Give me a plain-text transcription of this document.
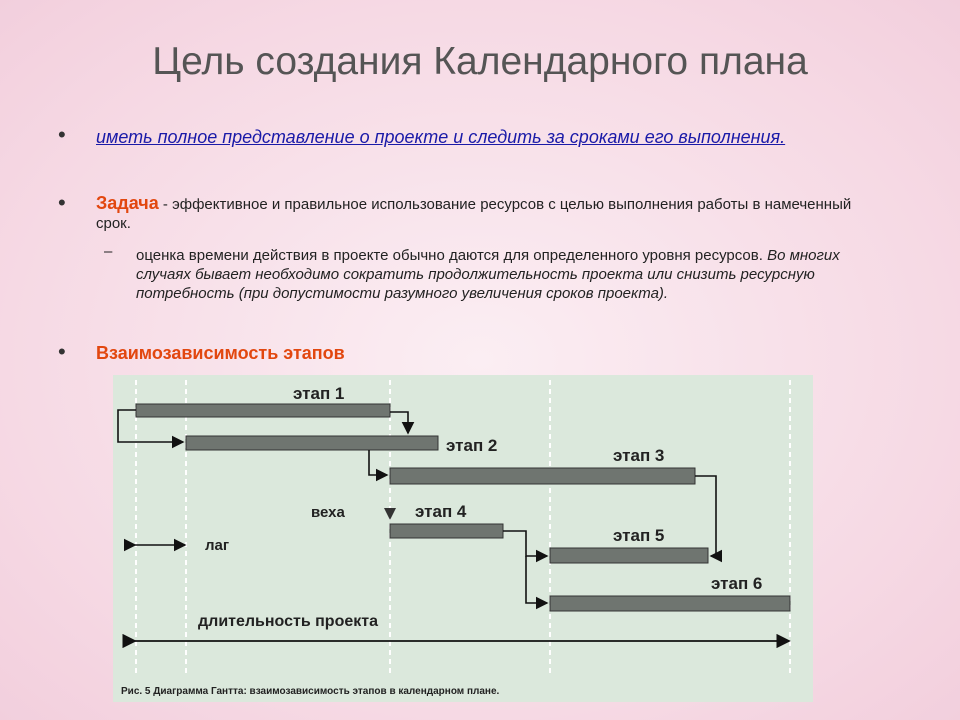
Цель создания Календарного плана
• иметь полное представление о проекте и следить за сроками его выполнения.
• Задача - эффективное и правильное использование ресурсов с целью выполнения работы в намеченный срок.
– оценка времени действия в проекте обычно даются для определенного уровня ресурсов. Во многих случаях бывает необходимо сократить продолжительность проекта или снизить ресурсную потребность (при допустимости разумного увеличения сроков проекта).
• Взаимозависимость этапов
этап 1
этап 2
этап 3
этап 4
этап 5
этап 6
веха
лаг
длительность проекта
Рис. 5 Диаграмма Гантта: взаимозависимость этапов в календарном плане.
